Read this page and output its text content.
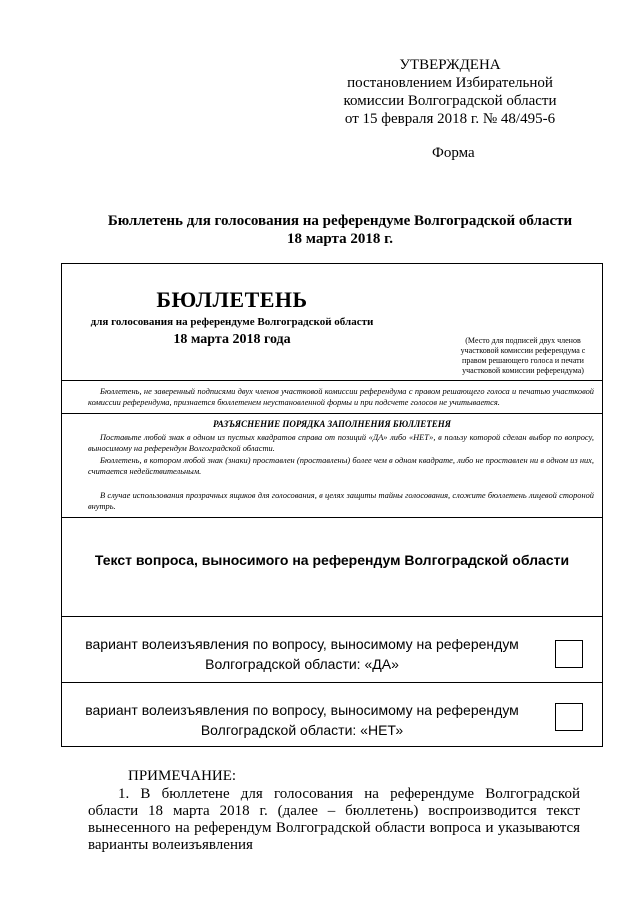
УТВЕРЖДЕНА
постановлением Избирательной
комиссии Волгоградской области
от 15 февраля 2018 г. № 48/495-6
Форма
Бюллетень для голосования на референдуме Волгоградской области
18 марта 2018 г.
БЮЛЛЕТЕНЬ
для голосования на референдуме Волгоградской области
18 марта 2018 года	(Место для подписей двух членов
участковой комиссии референдума с
правом решающего голоса и печати
участковой комиссии референдума)
Бюллетень, не заверенный подписями двух членов участковой комиссии референдума с правом решающего голоса и печатью участковой комиссии референдума, признается бюллетенем неустановленной формы и при подсчете голосов не учитывается.
РАЗЪЯСНЕНИЕ ПОРЯДКА ЗАПОЛНЕНИЯ БЮЛЛЕТЕНЯ
Поставьте любой знак в одном из пустых квадратов справа от позиций «ДА» либо «НЕТ», в пользу которой сделан выбор по вопросу, выносимому на референдум Волгоградской области.
Бюллетень, в котором любой знак (знаки) проставлен (проставлены) более чем в одном квадрате, либо не проставлен ни в одном из них, считается недействительным.
В случае использования прозрачных ящиков для голосования, в целях защиты тайны голосования, сложите бюллетень лицевой стороной внутрь.
Текст вопроса, выносимого на референдум Волгоградской области
вариант волеизъявления по вопросу, выносимому на референдум
Волгоградской области: «ДА»
вариант волеизъявления по вопросу, выносимому на референдум
Волгоградской области: «НЕТ»
ПРИМЕЧАНИЕ:
1. В бюллетене для голосования на референдуме Волгоградской области 18 марта 2018 г. (далее – бюллетень) воспроизводится текст вынесенного на референдум Волгоградской области вопроса и указываются варианты волеизъявления
